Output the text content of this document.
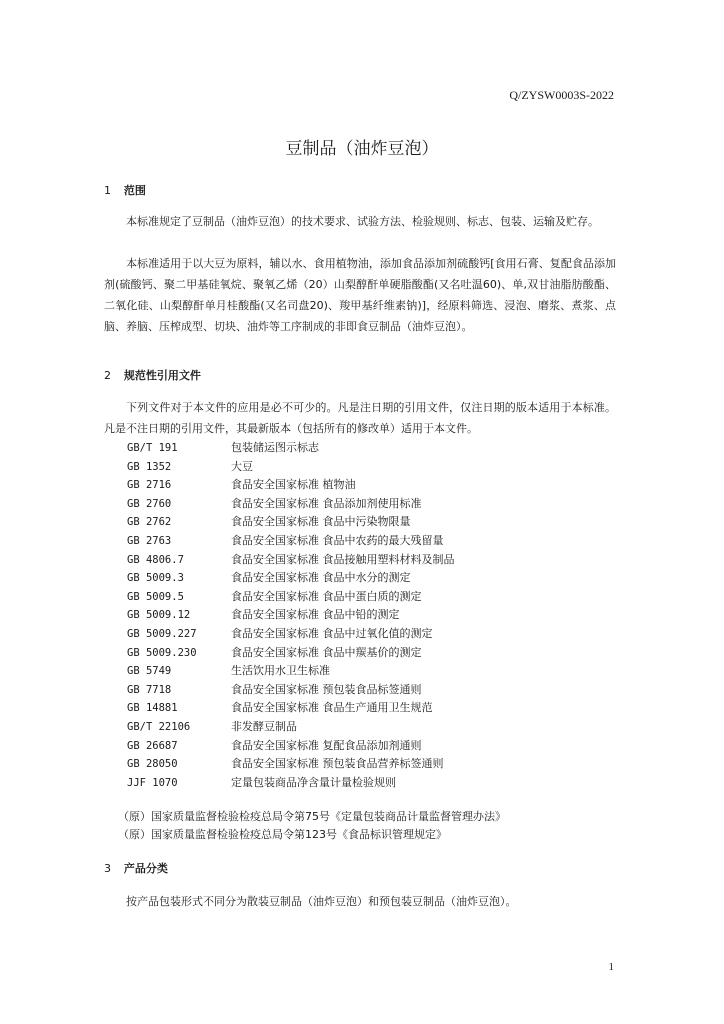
Q/ZYSW0003S-2022
豆制品（油炸豆泡）
1 范围
本标准规定了豆制品（油炸豆泡）的技术要求、试验方法、检验规则、标志、包装、运输及贮存。
本标准适用于以大豆为原料，辅以水、食用植物油，添加食品添加剂硫酸钙[食用石膏、复配食品添加剂(硫酸钙、聚二甲基硅氧烷、聚氧乙烯（20）山梨醇酐单硬脂酸酯(又名吐温60)、单,双甘油脂肪酸酯、二氧化硅、山梨醇酐单月桂酸酯(又名司盘20)、羧甲基纤维素钠)]，经原料筛选、浸泡、磨浆、煮浆、点脑、养脑、压榨成型、切块、油炸等工序制成的非即食豆制品（油炸豆泡）。
2 规范性引用文件
下列文件对于本文件的应用是必不可少的。凡是注日期的引用文件，仅注日期的版本适用于本标准。凡是不注日期的引用文件，其最新版本（包括所有的修改单）适用于本文件。
GB/T 191	包装储运图示标志
GB 1352	大豆
GB 2716	食品安全国家标准 植物油
GB 2760	食品安全国家标准 食品添加剂使用标准
GB 2762	食品安全国家标准 食品中污染物限量
GB 2763	食品安全国家标准 食品中农药的最大残留量
GB 4806.7	食品安全国家标准 食品接触用塑料材料及制品
GB 5009.3	食品安全国家标准 食品中水分的测定
GB 5009.5	食品安全国家标准 食品中蛋白质的测定
GB 5009.12	食品安全国家标准 食品中铅的测定
GB 5009.227	食品安全国家标准 食品中过氧化值的测定
GB 5009.230	食品安全国家标准 食品中羰基价的测定
GB 5749	生活饮用水卫生标准
GB 7718	食品安全国家标准 预包装食品标签通则
GB 14881	食品安全国家标准 食品生产通用卫生规范
GB/T 22106	非发酵豆制品
GB 26687	食品安全国家标准 复配食品添加剂通则
GB 28050	食品安全国家标准 预包装食品营养标签通则
JJF 1070	定量包装商品净含量计量检验规则
（原）国家质量监督检验检疫总局令第75号《定量包装商品计量监督管理办法》
（原）国家质量监督检验检疫总局令第123号《食品标识管理规定》
3 产品分类
按产品包装形式不同分为散装豆制品（油炸豆泡）和预包装豆制品（油炸豆泡）。
1
